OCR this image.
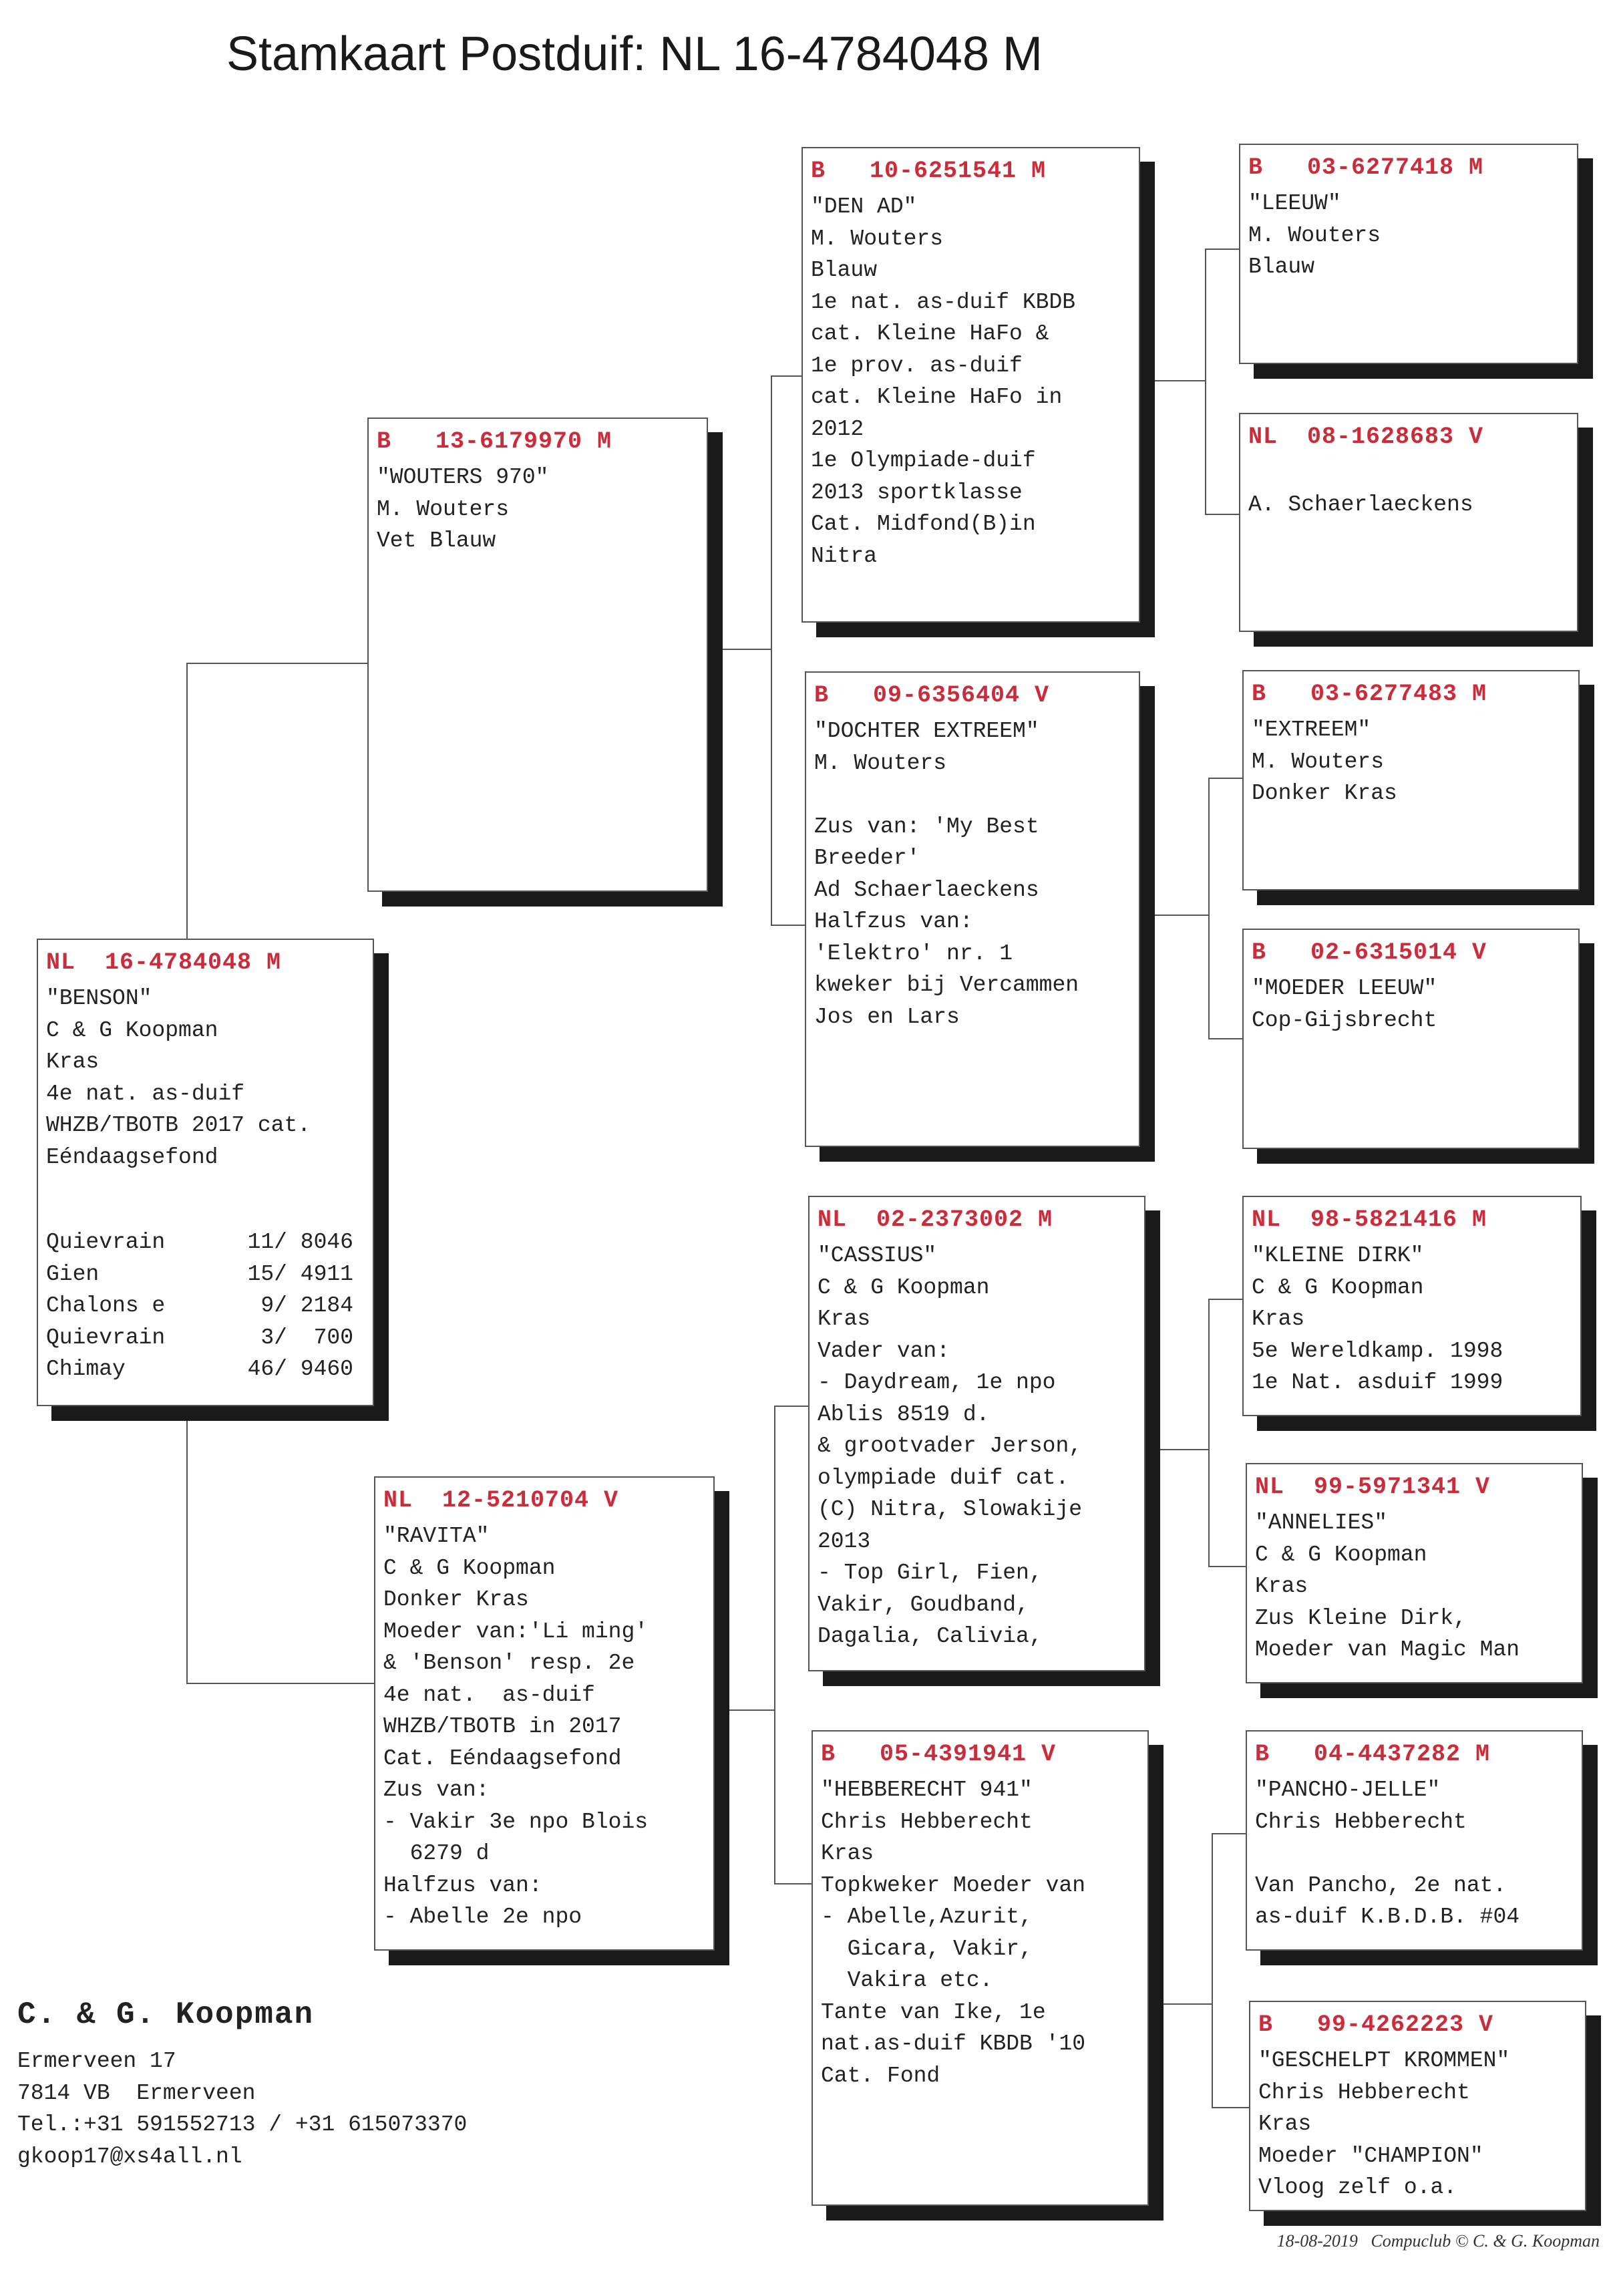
Stamkaart Postduif: NL 16-4784048 M
NL  16-4784048 M
"BENSON"
C & G Koopman
Kras
4e nat. as-duif
WHZB/TBOTB 2017 cat.
Eéndaagsefond
Quievrain	11/ 8046
Gien	15/ 4911
Chalons e	9/ 2184
Quievrain	3/  700
Chimay	46/ 9460
B   13-6179970 M
"WOUTERS 970"
M. Wouters
Vet Blauw
NL  12-5210704 V
"RAVITA"
C & G Koopman
Donker Kras
Moeder van:'Li ming'
& 'Benson' resp. 2e
4e nat.  as-duif
WHZB/TBOTB in 2017
Cat. Eéndaagsefond
Zus van:
- Vakir 3e npo Blois
6279 d
Halfzus van:
- Abelle 2e npo
B   10-6251541 M
"DEN AD"
M. Wouters
Blauw
1e nat. as-duif KBDB
cat. Kleine HaFo &
1e prov. as-duif
cat. Kleine HaFo in
2012
1e Olympiade-duif
2013 sportklasse
Cat. Midfond(B)in
Nitra
B   09-6356404 V
"DOCHTER EXTREEM"
M. Wouters
Zus van: 'My Best
Breeder'
Ad Schaerlaeckens
Halfzus van:
'Elektro' nr. 1
kweker bij Vercammen
Jos en Lars
NL  02-2373002 M
"CASSIUS"
C & G Koopman
Kras
Vader van:
- Daydream, 1e npo
Ablis 8519 d.
& grootvader Jerson,
olympiade duif cat.
(C) Nitra, Slowakije
2013
- Top Girl, Fien,
Vakir, Goudband,
Dagalia, Calivia,
B   05-4391941 V
"HEBBERECHT 941"
Chris Hebberecht
Kras
Topkweker Moeder van
- Abelle,Azurit,
Gicara, Vakir,
Vakira etc.
Tante van Ike, 1e
nat.as-duif KBDB '10
Cat. Fond
B   03-6277418 M
"LEEUW"
M. Wouters
Blauw
NL  08-1628683 V
A. Schaerlaeckens
B   03-6277483 M
"EXTREEM"
M. Wouters
Donker Kras
B   02-6315014 V
"MOEDER LEEUW"
Cop-Gijsbrecht
NL  98-5821416 M
"KLEINE DIRK"
C & G Koopman
Kras
5e Wereldkamp. 1998
1e Nat. asduif 1999
NL  99-5971341 V
"ANNELIES"
C & G Koopman
Kras
Zus Kleine Dirk,
Moeder van Magic Man
B   04-4437282 M
"PANCHO-JELLE"
Chris Hebberecht
Van Pancho, 2e nat.
as-duif K.B.D.B. #04
B   99-4262223 V
"GESCHELPT KROMMEN"
Chris Hebberecht
Kras
Moeder "CHAMPION"
Vloog zelf o.a.
C. & G. Koopman
Ermerveen 17
7814 VB  Ermerveen
Tel.:+31 591552713 / +31 615073370
gkoop17@xs4all.nl
18-08-2019   Compuclub © C. & G. Koopman
